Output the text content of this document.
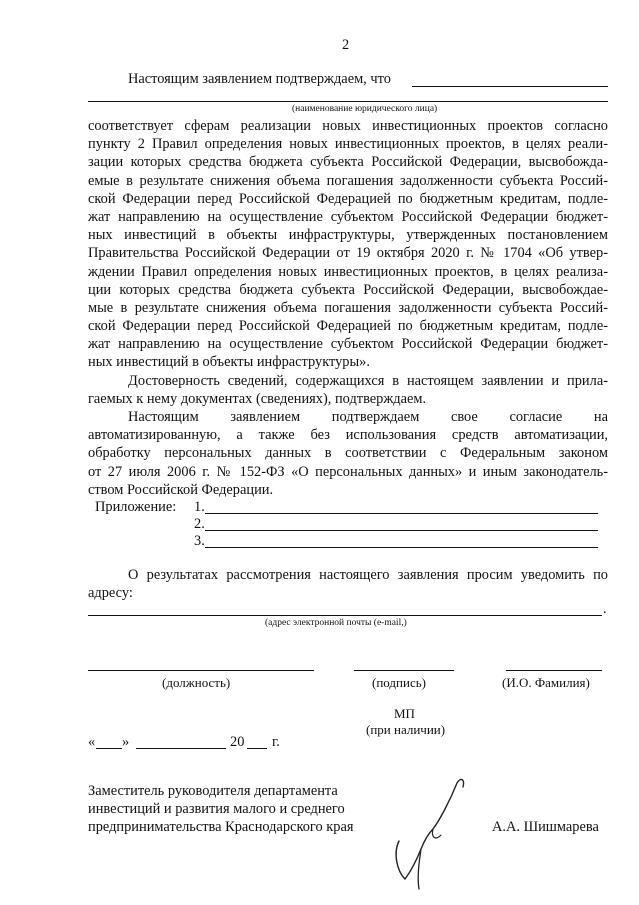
2
Настоящим заявлением подтверждаем, что
(наименование юридического лица)
соответствует сферам реализации новых инвестиционных проектов согласно
пункту 2 Правил определения новых инвестиционных проектов, в целях реали-
зации которых средства бюджета субъекта Российской Федерации, высвобожда-
емые в результате снижения объема погашения задолженности субъекта Россий-
ской Федерации перед Российской Федерацией по бюджетным кредитам, подле-
жат направлению на осуществление субъектом Российской Федерации бюджет-
ных инвестиций в объекты инфраструктуры, утвержденных постановлением
Правительства Российской Федерации от 19 октября 2020 г. № 1704 «Об утвер-
ждении Правил определения новых инвестиционных проектов, в целях реализа-
ции которых средства бюджета субъекта Российской Федерации, высвобождае-
мые в результате снижения объема погашения задолженности субъекта Россий-
ской Федерации перед Российской Федерацией по бюджетным кредитам, подле-
жат направлению на осуществление субъектом Российской Федерации бюджет-
ных инвестиций в объекты инфраструктуры».
Достоверность сведений, содержащихся в настоящем заявлении и прила-
гаемых к нему документах (сведениях), подтверждаем.
Настоящим заявлением подтверждаем свое согласие на
автоматизированную, а также без использования средств автоматизации,
обработку персональных данных в соответствии с Федеральным законом
от 27 июля 2006 г. № 152-ФЗ «О персональных данных» и иным законодатель-
ством Российской Федерации.
Приложение: 1.
2.
3.
О результатах рассмотрения настоящего заявления просим уведомить по
адресу:
.
(адрес электронной почты (e-mail,)
(должность)	(подпись)	(И.О. Фамилия)
МП
(при наличии)
« »	20 г.
Заместитель руководителя департамента
инвестиций и развития малого и среднего
предпринимательства Краснодарского края	А.А. Шишмарева
